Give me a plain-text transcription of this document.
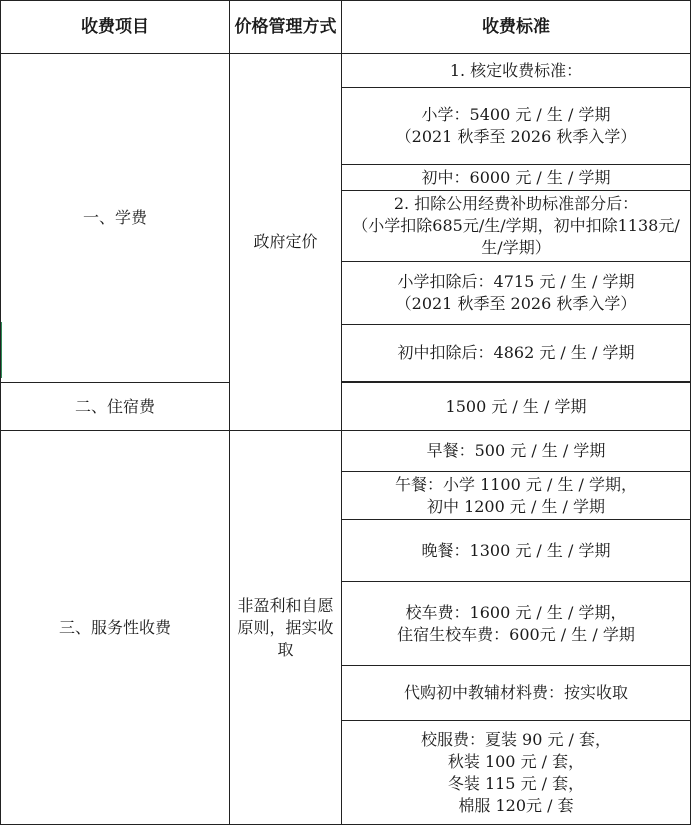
收费项目	价格管理方式	收费标准
一、学费	政府定价	1. 核定收费标准：

		小学：5400 元 / 生 / 学期
（2021 秋季至 2026 秋季入学）

		初中：6000 元 / 生 / 学期

		2. 扣除公用经费补助标准部分后：
（小学扣除685元/生/学期，初中扣除1138元/生/学期）

		小学扣除后：4715 元 / 生 / 学期
（2021 秋季至 2026 秋季入学）

		初中扣除后：4862 元 / 生 / 学期

二、住宿费		1500 元 / 生 / 学期
三、服务性收费	非盈利和自愿原则，据实收取	早餐：500 元 / 生 / 学期

		午餐：小学 1100 元 / 生 / 学期，
初中 1200 元 / 生 / 学期

		晚餐：1300 元 / 生 / 学期

		校车费：1600 元 / 生 / 学期，
住宿生校车费：600元 / 生 / 学期

		代购初中教辅材料费：按实收取

		校服费：夏装 90 元 / 套，
秋装 100 元 / 套，
冬装 115 元 / 套，
棉服 120元 / 套
